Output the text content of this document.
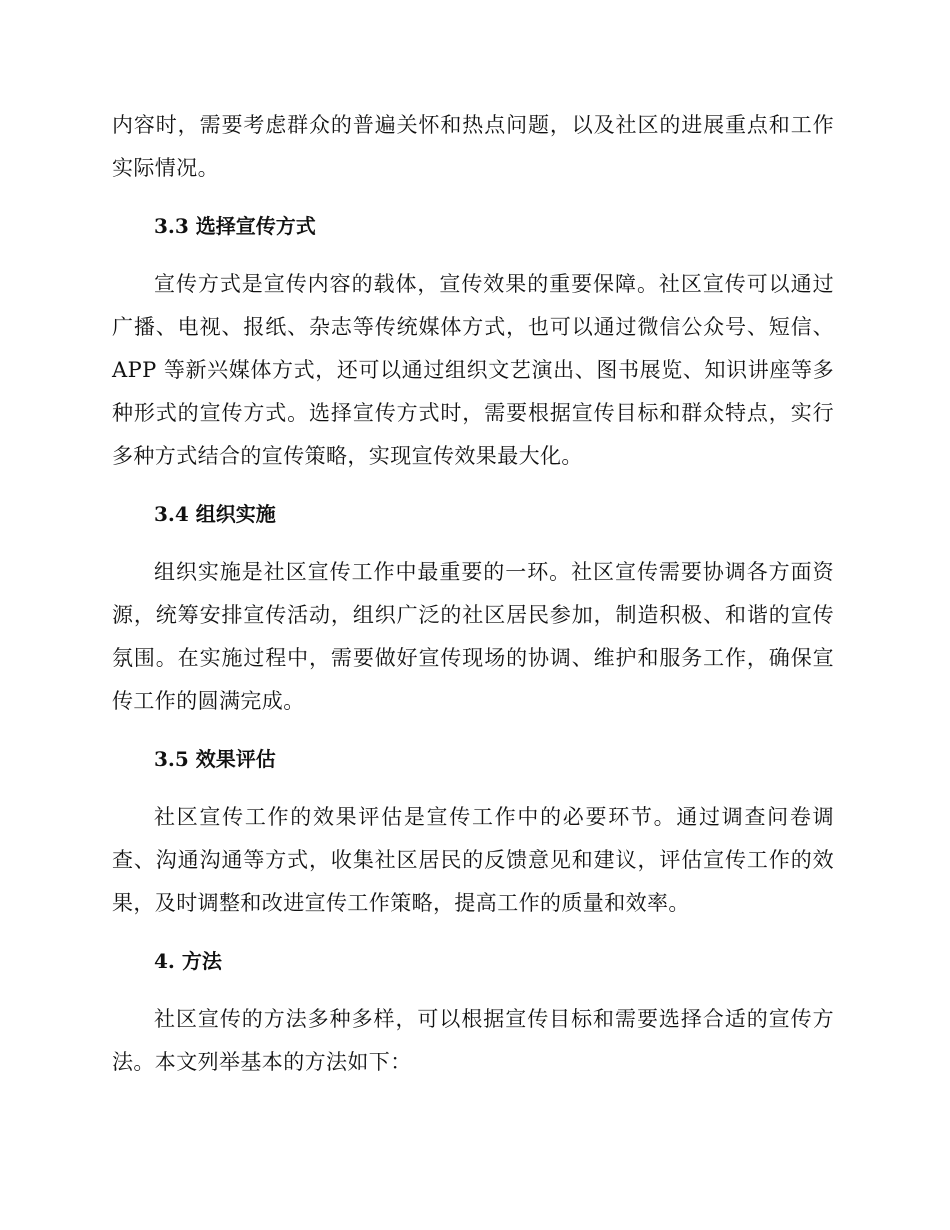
内容时，需要考虑群众的普遍关怀和热点问题，以及社区的进展重点和工作实际情况。

3.3 选择宣传方式

宣传方式是宣传内容的载体，宣传效果的重要保障。社区宣传可以通过广播、电视、报纸、杂志等传统媒体方式，也可以通过微信公众号、短信、APP 等新兴媒体方式，还可以通过组织文艺演出、图书展览、知识讲座等多种形式的宣传方式。选择宣传方式时，需要根据宣传目标和群众特点，实行多种方式结合的宣传策略，实现宣传效果最大化。

3.4 组织实施

组织实施是社区宣传工作中最重要的一环。社区宣传需要协调各方面资源，统筹安排宣传活动，组织广泛的社区居民参加，制造积极、和谐的宣传氛围。在实施过程中，需要做好宣传现场的协调、维护和服务工作，确保宣传工作的圆满完成。

3.5 效果评估

社区宣传工作的效果评估是宣传工作中的必要环节。通过调查问卷调查、沟通沟通等方式，收集社区居民的反馈意见和建议，评估宣传工作的效果，及时调整和改进宣传工作策略，提高工作的质量和效率。

4. 方法

社区宣传的方法多种多样，可以根据宣传目标和需要选择合适的宣传方法。本文列举基本的方法如下：
